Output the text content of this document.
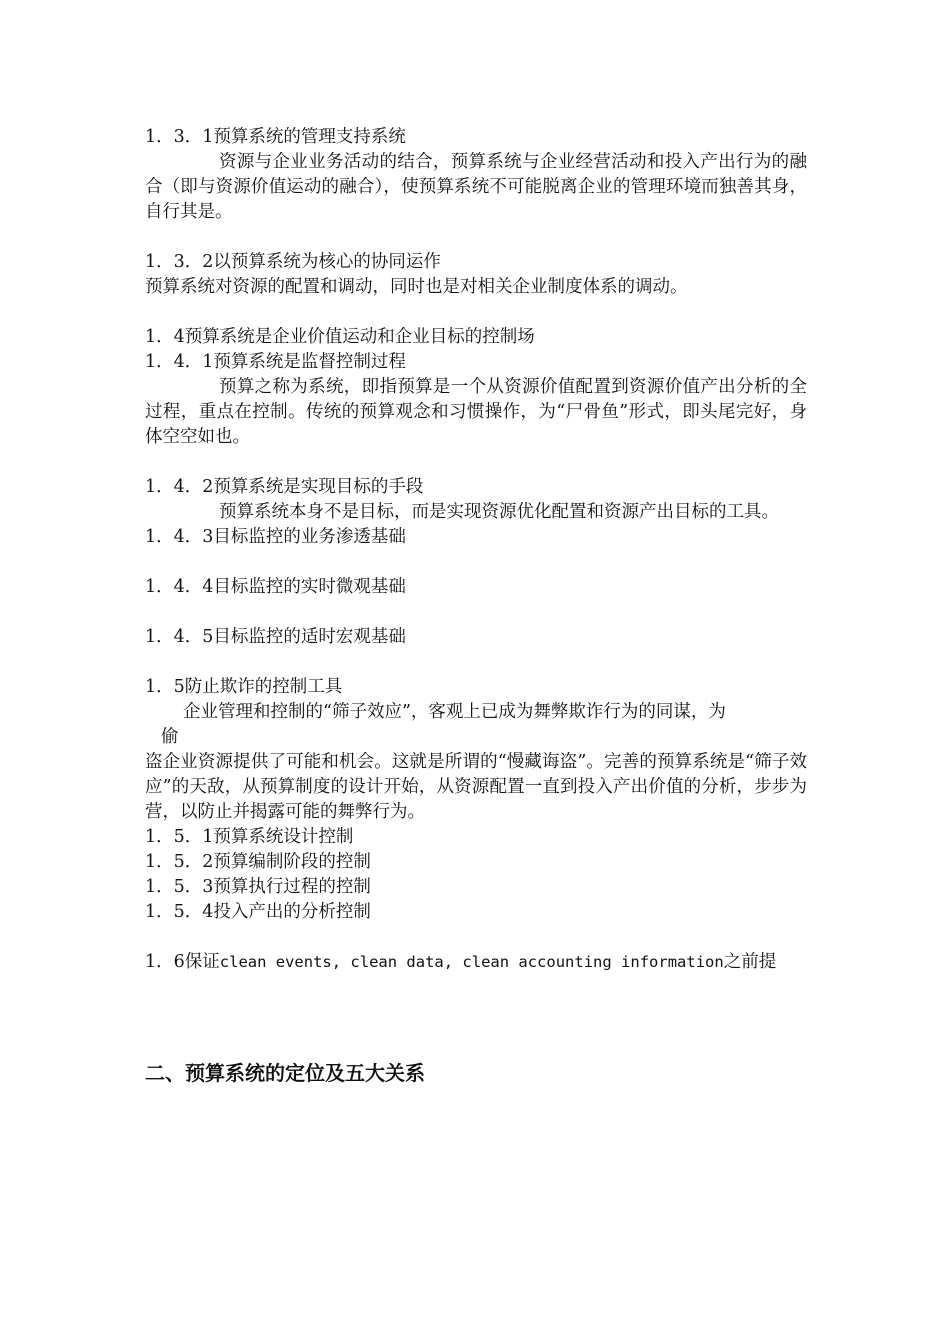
1．3．1预算系统的管理支持系统
资源与企业业务活动的结合，预算系统与企业经营活动和投入产出行为的融合（即与资源价值运动的融合），使预算系统不可能脱离企业的管理环境而独善其身，自行其是。
1．3．2以预算系统为核心的协同运作
预算系统对资源的配置和调动，同时也是对相关企业制度体系的调动。
1．4预算系统是企业价值运动和企业目标的控制场
1．4．1预算系统是监督控制过程
预算之称为系统，即指预算是一个从资源价值配置到资源价值产出分析的全过程，重点在控制。传统的预算观念和习惯操作，为“尸骨鱼”形式，即头尾完好，身体空空如也。
1．4．2预算系统是实现目标的手段
预算系统本身不是目标，而是实现资源优化配置和资源产出目标的工具。
1．4．3目标监控的业务渗透基础
1．4．4目标监控的实时微观基础
1．4．5目标监控的适时宏观基础
1．5防止欺诈的控制工具
企业管理和控制的“筛子效应”，客观上已成为舞弊欺诈行为的同谋，为
偷
盗企业资源提供了可能和机会。这就是所谓的“慢藏诲盗”。完善的预算系统是“筛子效应”的天敌，从预算制度的设计开始，从资源配置一直到投入产出价值的分析，步步为营，以防止并揭露可能的舞弊行为。
1．5．1预算系统设计控制
1．5．2预算编制阶段的控制
1．5．3预算执行过程的控制
1．5．4投入产出的分析控制
1．6保证clean events, clean data, clean accounting information之前提
二、预算系统的定位及五大关系
